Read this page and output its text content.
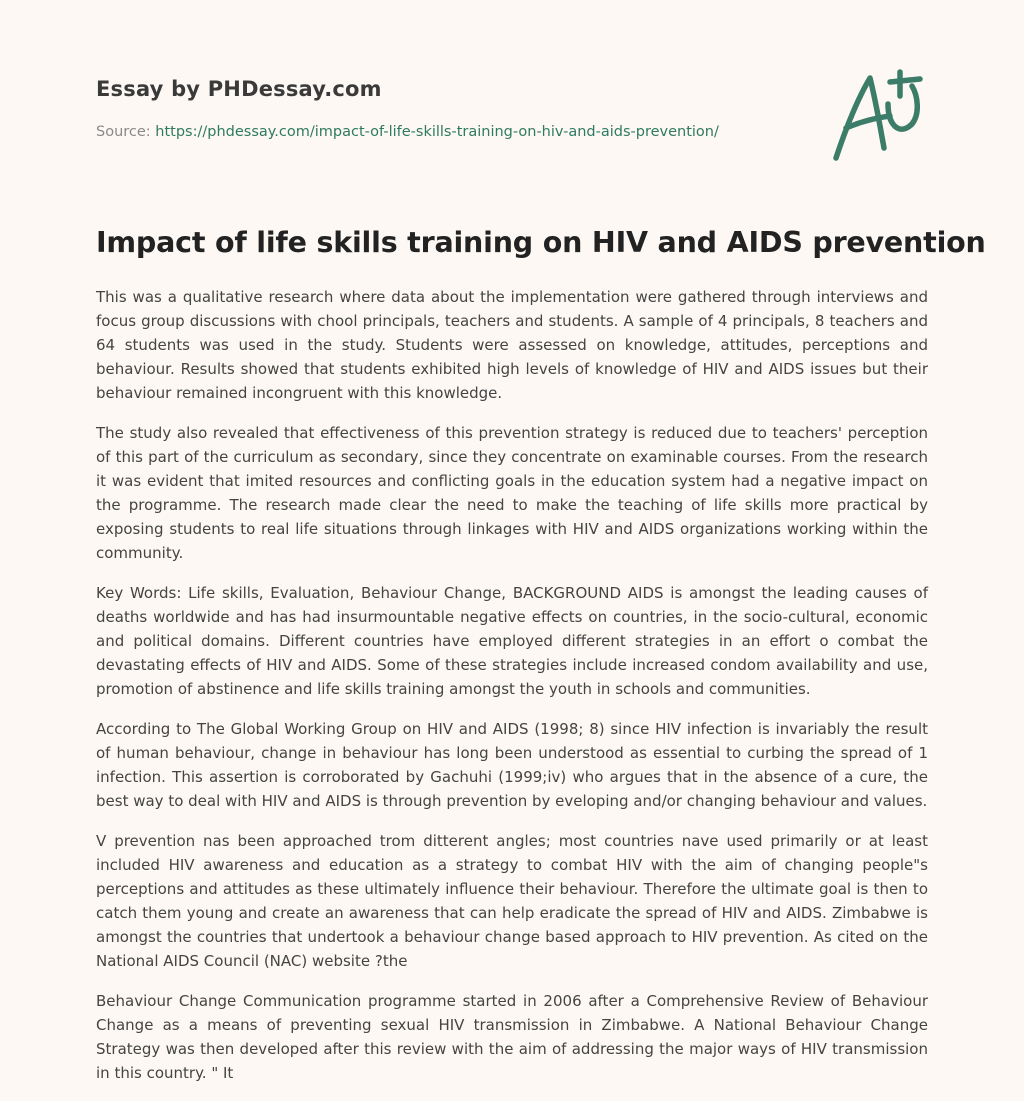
Essay by PHDessay.com
Source: https://phdessay.com/impact-of-life-skills-training-on-hiv-and-aids-prevention/
Impact of life skills training on HIV and AIDS prevention

This was a qualitative research where data about the implementation were gathered through interviews and focus group discussions with chool principals, teachers and students. A sample of 4 principals, 8 teachers and 64 students was used in the study. Students were assessed on knowledge, attitudes, perceptions and behaviour. Results showed that students exhibited high levels of knowledge of HIV and AIDS issues but their behaviour remained incongruent with this knowledge.

The study also revealed that effectiveness of this prevention strategy is reduced due to teachers' perception of this part of the curriculum as secondary, since they concentrate on examinable courses. From the research it was evident that imited resources and conflicting goals in the education system had a negative impact on the programme. The research made clear the need to make the teaching of life skills more practical by exposing students to real life situations through linkages with HIV and AIDS organizations working within the community.

Key Words: Life skills, Evaluation, Behaviour Change, BACKGROUND AIDS is amongst the leading causes of deaths worldwide and has had insurmountable negative effects on countries, in the socio-cultural, economic and political domains. Different countries have employed different strategies in an effort o combat the devastating effects of HIV and AIDS. Some of these strategies include increased condom availability and use, promotion of abstinence and life skills training amongst the youth in schools and communities.

According to The Global Working Group on HIV and AIDS (1998; 8) since HIV infection is invariably the result of human behaviour, change in behaviour has long been understood as essential to curbing the spread of 1 infection. This assertion is corroborated by Gachuhi (1999;iv) who argues that in the absence of a cure, the best way to deal with HIV and AIDS is through prevention by eveloping and/or changing behaviour and values.

V prevention nas been approached trom ditterent angles; most countries nave used primarily or at least included HIV awareness and education as a strategy to combat HIV with the aim of changing people"s perceptions and attitudes as these ultimately influence their behaviour. Therefore the ultimate goal is then to catch them young and create an awareness that can help eradicate the spread of HIV and AIDS. Zimbabwe is amongst the countries that undertook a behaviour change based approach to HIV prevention. As cited on the National AIDS Council (NAC) website ?the

Behaviour Change Communication programme started in 2006 after a Comprehensive Review of Behaviour Change as a means of preventing sexual HIV transmission in Zimbabwe. A National Behaviour Change Strategy was then developed after this review with the aim of addressing the major ways of HIV transmission in this country. " It
